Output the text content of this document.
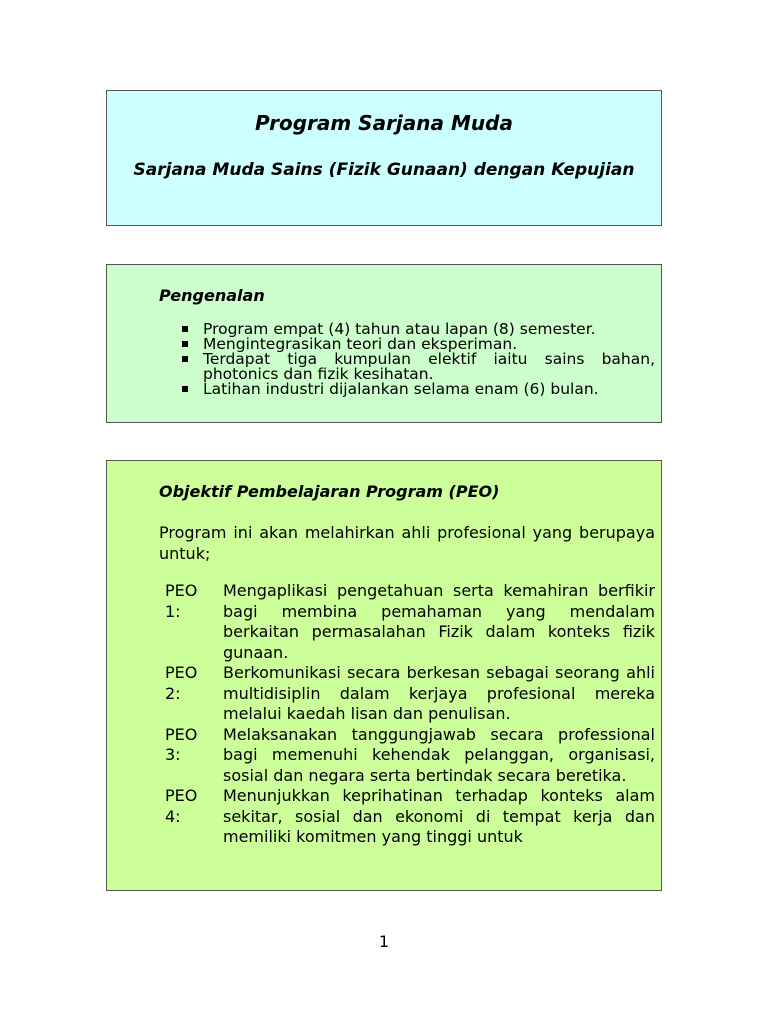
Program Sarjana Muda
Sarjana Muda Sains (Fizik Gunaan) dengan Kepujian
Pengenalan
Program empat (4) tahun atau lapan (8) semester.
Mengintegrasikan teori dan eksperiman.
Terdapat tiga kumpulan elektif iaitu sains bahan, photonics dan fizik kesihatan.
Latihan industri dijalankan selama enam (6) bulan.
Objektif Pembelajaran Program (PEO)
Program ini akan melahirkan ahli profesional yang berupaya untuk;
PEO 1:
Mengaplikasi pengetahuan serta kemahiran berfikir bagi membina pemahaman yang mendalam berkaitan permasalahan Fizik dalam konteks fizik gunaan.
PEO 2:
Berkomunikasi secara berkesan sebagai seorang ahli multidisiplin dalam kerjaya profesional mereka melalui kaedah lisan dan penulisan.
PEO 3:
Melaksanakan tanggungjawab secara professional bagi memenuhi kehendak pelanggan, organisasi, sosial dan negara serta bertindak secara beretika.
PEO 4:
Menunjukkan keprihatinan terhadap konteks alam sekitar, sosial dan ekonomi di tempat kerja dan memiliki komitmen yang tinggi untuk
1
